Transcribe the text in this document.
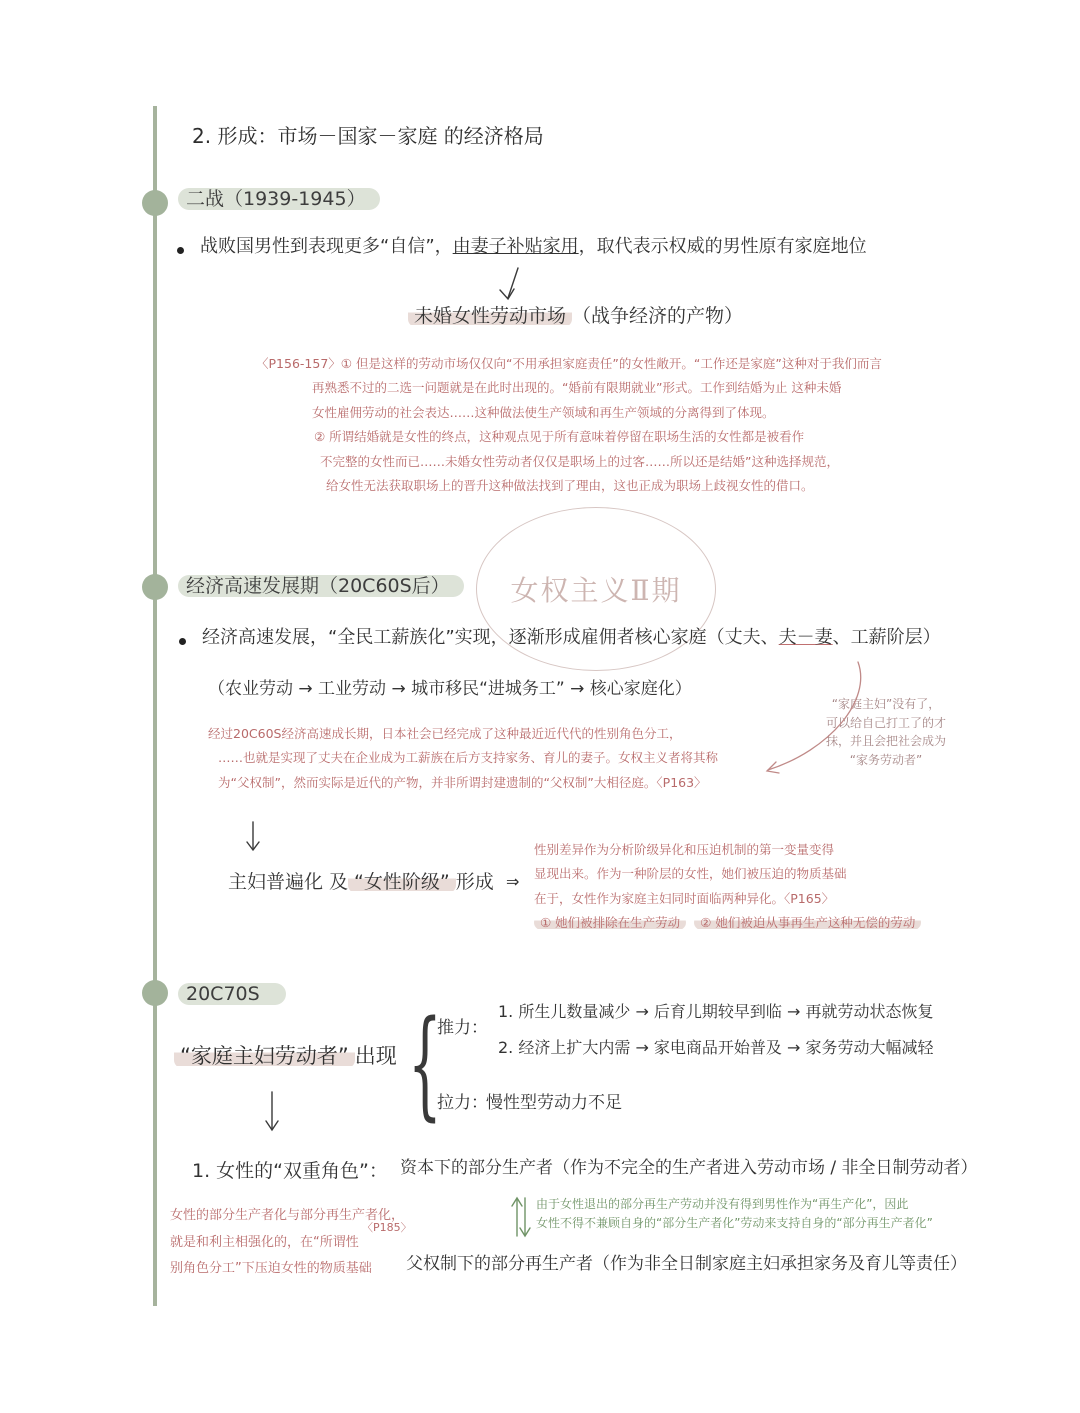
2. 形成：市场－国家－家庭 的经济格局
二战（1939-1945）
战败国男性到表现更多“自信”，由妻子补贴家用，取代表示权威的男性原有家庭地位
未婚女性劳动市场 （战争经济的产物）
〈P156-157〉① 但是这样的劳动市场仅仅向“不用承担家庭责任”的女性敞开。“工作还是家庭”这种对于我们而言
再熟悉不过的二选一问题就是在此时出现的。“婚前有限期就业”形式。工作到结婚为止 这种未婚
女性雇佣劳动的社会表达……这种做法使生产领域和再生产领域的分离得到了体现。
② 所谓结婚就是女性的终点，这种观点见于所有意味着停留在职场生活的女性都是被看作
不完整的女性而已……未婚女性劳动者仅仅是职场上的过客……所以还是结婚”这种选择规范，
给女性无法获取职场上的晋升这种做法找到了理由，这也正成为职场上歧视女性的借口。
女权主义Ⅱ期
经济高速发展期（20C60S后）
经济高速发展，“全民工薪族化”实现，逐渐形成雇佣者核心家庭（丈夫、夫－妻、工薪阶层）
（农业劳动 → 工业劳动 → 城市移民“进城务工” → 核心家庭化）
经过20C60S经济高速成长期，日本社会已经完成了这种最近近代代的性别角色分工，
……也就是实现了丈夫在企业成为工薪族在后方支持家务、育儿的妻子。女权主义者将其称
为“父权制”，然而实际是近代的产物，并非所谓封建遗制的“父权制”大相径庭。〈P163〉
“家庭主妇”没有了，
可以给自己打工了的才
抹，并且会把社会成为
“家务劳动者”
主妇普遍化 及 “女性阶级” 形成 ⇒
性别差异作为分析阶级异化和压迫机制的第一变量变得
显现出来。作为一种阶层的女性，她们被压迫的物质基础
在于，女性作为家庭主妇同时面临两种异化。〈P165〉
① 她们被排除在生产劳动 ② 她们被迫从事再生产这种无偿的劳动
20C70S
“家庭主妇劳动者” 出现 {
推力：
1. 所生儿数量减少 → 后育儿期较早到临 → 再就劳动状态恢复
2. 经济上扩大内需 → 家电商品开始普及 → 家务劳动大幅减轻
拉力：
慢性型劳动力不足
1. 女性的“双重角色”： 资本下的部分生产者（作为不完全的生产者进入劳动市场 / 非全日制劳动者）
女性的部分生产者化与部分再生产者化，
就是和利主相强化的，在“所谓性
别角色分工”下压迫女性的物质基础
〈P185〉
由于女性退出的部分再生产劳动并没有得到男性作为“再生产化”，因此
女性不得不兼顾自身的“部分生产者化”劳动来支持自身的“部分再生产者化”
父权制下的部分再生产者（作为非全日制家庭主妇承担家务及育儿等责任）
